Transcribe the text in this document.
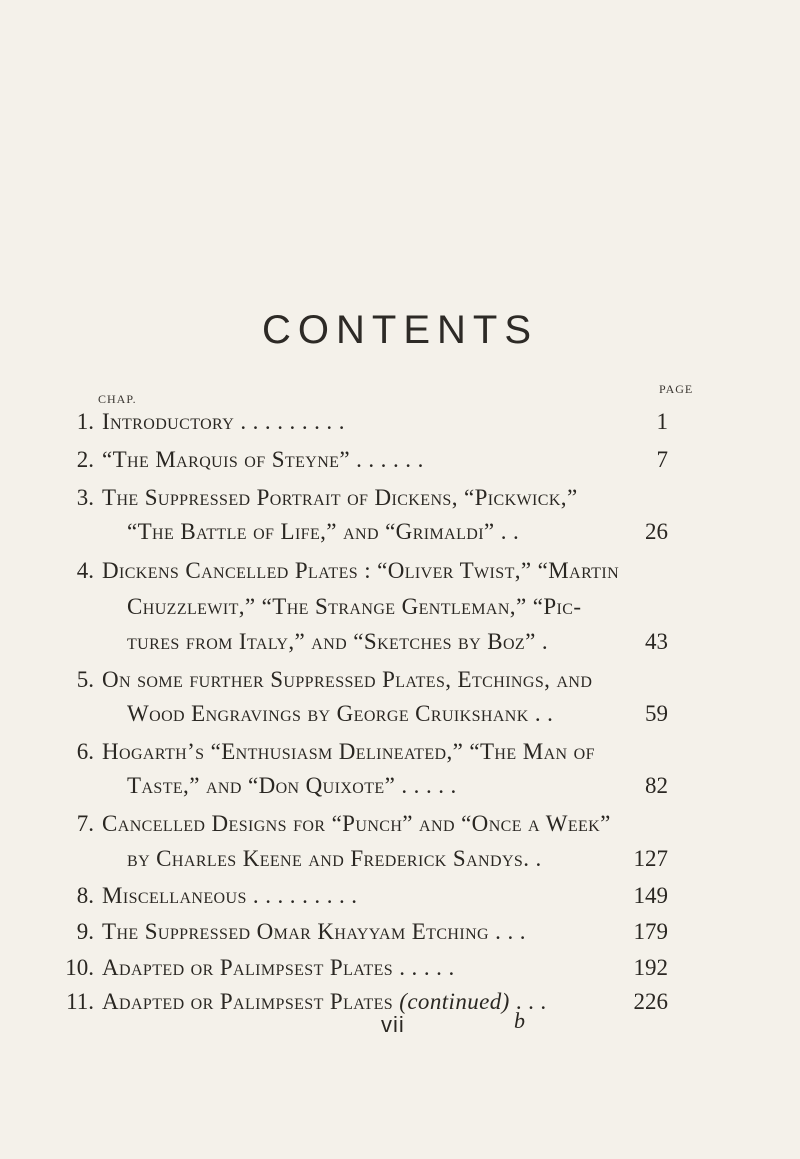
CONTENTS
CHAP.
PAGE
1. Introductory . . . . . . . . .	1
2. “The Marquis of Steyne” . . . . . .	7
3. The Suppressed Portrait of Dickens, “Pickwick,”
“The Battle of Life,” and “Grimaldi” . .	26
4. Dickens Cancelled Plates : “Oliver Twist,” “Martin
Chuzzlewit,” “The Strange Gentleman,” “Pic-
tures from Italy,” and “Sketches by Boz” .	43
5. On some further Suppressed Plates, Etchings, and
Wood Engravings by George Cruikshank . .	59
6. Hogarth’s “Enthusiasm Delineated,” “The Man of
Taste,” and “Don Quixote” . . . . .	82
7. Cancelled Designs for “Punch” and “Once a Week”
by Charles Keene and Frederick Sandys. .	127
8. Miscellaneous . . . . . . . . .	149
9. The Suppressed Omar Khayyam Etching . . .	179
10. Adapted or Palimpsest Plates . . . . .	192
11. Adapted or Palimpsest Plates (continued) . . .	226
vii	b
